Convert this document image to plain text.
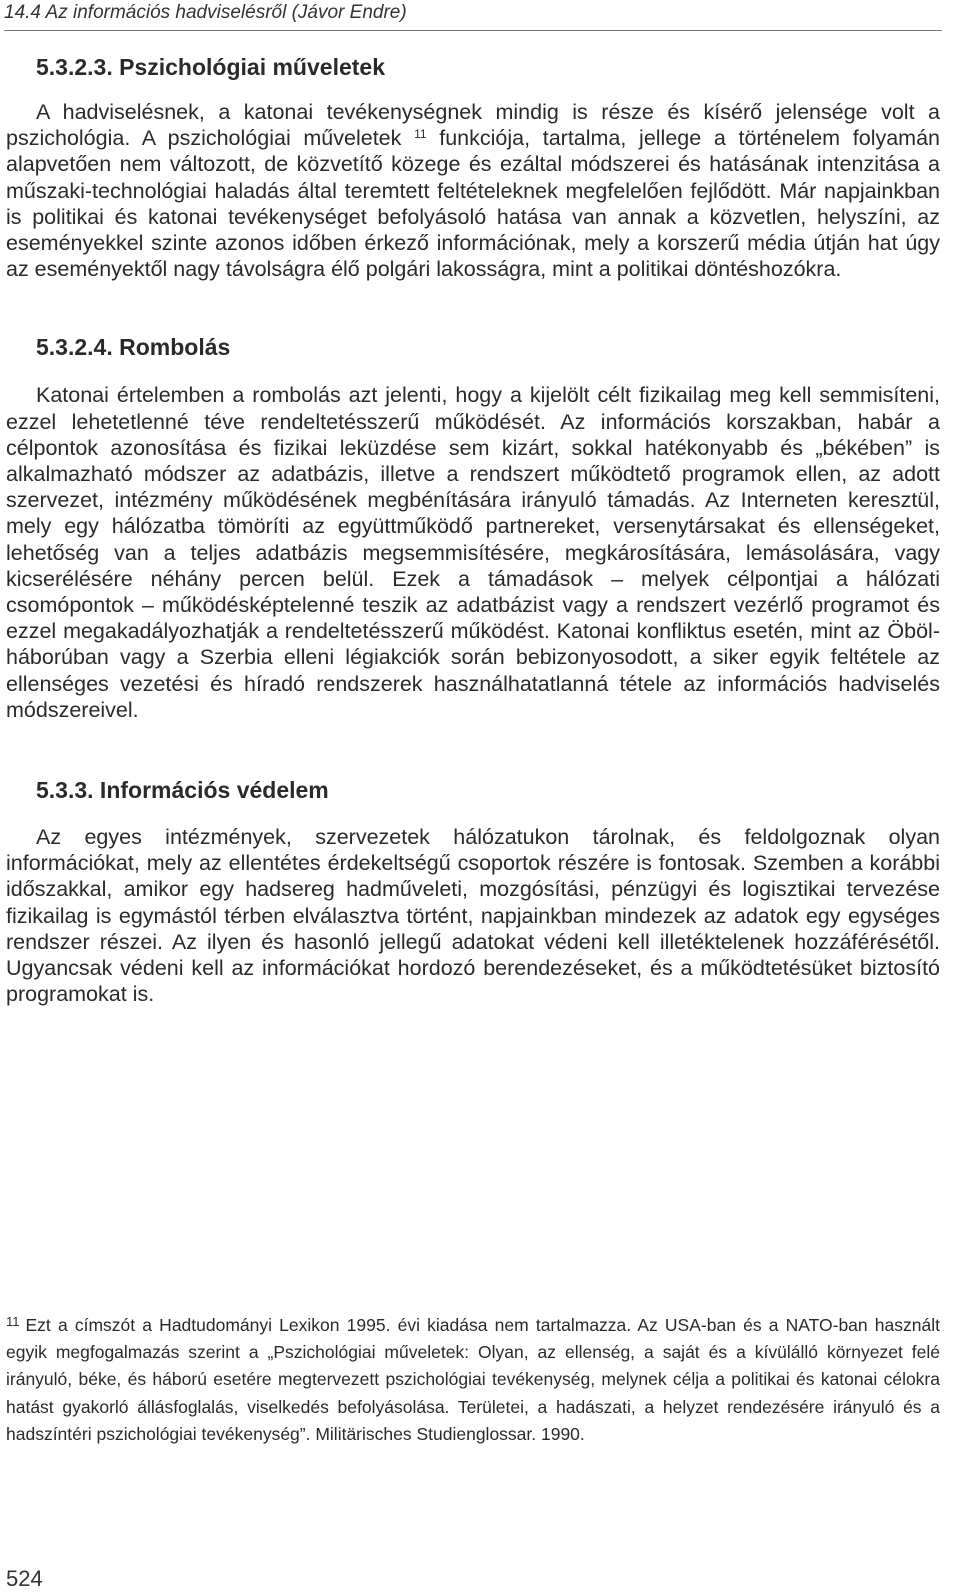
14.4 Az információs hadviselésről (Jávor Endre)
5.3.2.3. Pszichológiai műveletek

A hadviselésnek, a katonai tevékenységnek mindig is része és kísérő jelensége volt a pszichológia. A pszichológiai műveletek $^{11}$ funkciója, tartalma, jellege a történelem folyamán alapvetően nem változott, de közvetítő közege és ezáltal módszerei és hatásának intenzitása a műszaki-technológiai haladás által teremtett feltételeknek megfelelően fejlődött. Már napjainkban is politikai és katonai tevékenységet befolyásoló hatása van annak a közvetlen, helyszíni, az eseményekkel szinte azonos időben érkező információnak, mely a korszerű média útján hat úgy az eseményektől nagy távolságra élő polgári lakosságra, mint a politikai döntéshozókra.

5.3.2.4. Rombolás

Katonai értelemben a rombolás azt jelenti, hogy a kijelölt célt fizikailag meg kell semmisíteni, ezzel lehetetlenné téve rendeltetésszerű működését. Az információs korszakban, habár a célpontok azonosítása és fizikai leküzdése sem kizárt, sokkal hatékonyabb és „békében” is alkalmazható módszer az adatbázis, illetve a rendszert működtető programok ellen, az adott szervezet, intézmény működésének megbénítására irányuló támadás. Az Interneten keresztül, mely egy hálózatba tömöríti az együttműködő partnereket, versenytársakat és ellenségeket, lehetőség van a teljes adatbázis megsemmisítésére, megkárosítására, lemásolására, vagy kicserélésére néhány percen belül. Ezek a támadások – melyek célpontjai a hálózati csomópontok – működésképtelenné teszik az adatbázist vagy a rendszert vezérlő programot és ezzel megakadályozhatják a rendeltetésszerű működést. Katonai konfliktus esetén, mint az Öböl-háborúban vagy a Szerbia elleni légiakciók során bebizonyosodott, a siker egyik feltétele az ellenséges vezetési és híradó rendszerek használhatatlanná tétele az információs hadviselés módszereivel.

5.3.3. Információs védelem

Az egyes intézmények, szervezetek hálózatukon tárolnak, és feldolgoznak olyan információkat, mely az ellentétes érdekeltségű csoportok részére is fontosak. Szemben a korábbi időszakkal, amikor egy hadsereg hadműveleti, mozgósítási, pénzügyi és logisztikai tervezése fizikailag is egymástól térben elválasztva történt, napjainkban mindezek az adatok egy egységes rendszer részei. Az ilyen és hasonló jellegű adatokat védeni kell illetéktelenek hozzáférésétől. Ugyancsak védeni kell az információkat hordozó berendezéseket, és a működtetésüket biztosító programokat is.

$^{11}$ Ezt a címszót a Hadtudományi Lexikon 1995. évi kiadása nem tartalmazza. Az USA-ban és a NATO-ban használt egyik megfogalmazás szerint a „Pszichológiai műveletek: Olyan, az ellenség, a saját és a kívülálló környezet felé irányuló, béke, és háború esetére megtervezett pszichológiai tevékenység, melynek célja a politikai és katonai célokra hatást gyakorló állásfoglalás, viselkedés befolyásolása. Területei, a hadászati, a helyzet rendezésére irányuló és a hadszíntéri pszichológiai tevékenység”. Militärisches Studienglossar. 1990.
524
